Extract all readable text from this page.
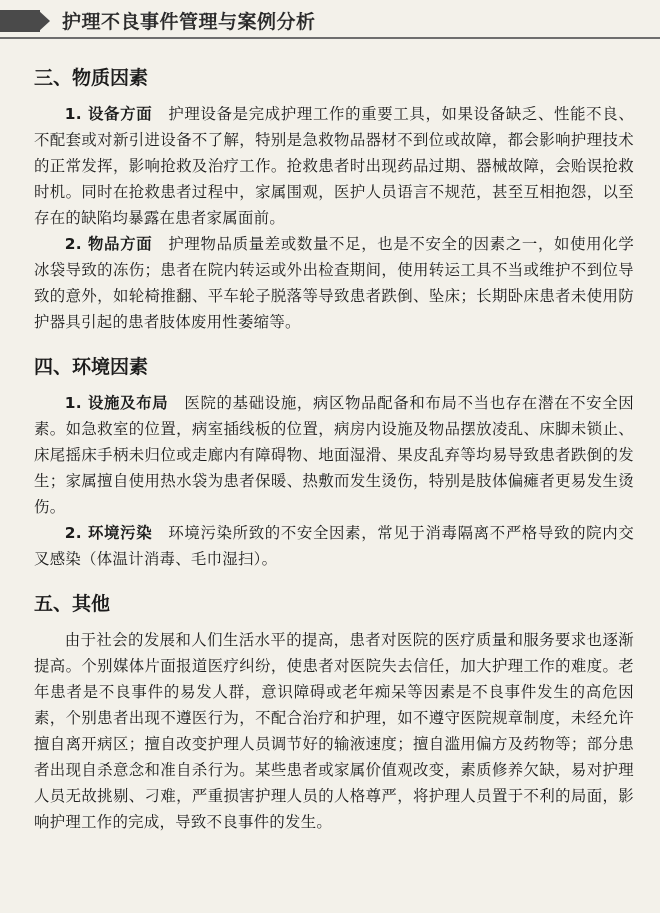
护理不良事件管理与案例分析
三、物质因素

1. 设备方面　 护理设备是完成护理工作的重要工具，如果设备缺乏、性能不良、不配套或对新引进设备不了解，特别是急救物品器材不到位或故障，都会影响护理技术的正常发挥，影响抢救及治疗工作。抢救患者时出现药品过期、器械故障，会贻误抢救时机。同时在抢救患者过程中，家属围观，医护人员语言不规范，甚至互相抱怨，以至存在的缺陷均暴露在患者家属面前。

2. 物品方面　 护理物品质量差或数量不足，也是不安全的因素之一，如使用化学冰袋导致的冻伤；患者在院内转运或外出检查期间，使用转运工具不当或维护不到位导致的意外，如轮椅推翻、平车轮子脱落等导致患者跌倒、坠床；长期卧床患者未使用防护器具引起的患者肢体废用性萎缩等。

四、环境因素

1. 设施及布局　 医院的基础设施，病区物品配备和布局不当也存在潜在不安全因素。如急救室的位置，病室插线板的位置，病房内设施及物品摆放凌乱、床脚未锁止、床尾摇床手柄未归位或走廊内有障碍物、地面湿滑、果皮乱弃等均易导致患者跌倒的发生；家属擅自使用热水袋为患者保暖、热敷而发生烫伤，特别是肢体偏瘫者更易发生烫伤。

2. 环境污染　 环境污染所致的不安全因素，常见于消毒隔离不严格导致的院内交叉感染（体温计消毒、毛巾湿扫）。

五、其他

由于社会的发展和人们生活水平的提高，患者对医院的医疗质量和服务要求也逐渐提高。个别媒体片面报道医疗纠纷，使患者对医院失去信任，加大护理工作的难度。老年患者是不良事件的易发人群，意识障碍或老年痴呆等因素是不良事件发生的高危因素，个别患者出现不遵医行为，不配合治疗和护理，如不遵守医院规章制度，未经允许擅自离开病区；擅自改变护理人员调节好的输液速度；擅自滥用偏方及药物等；部分患者出现自杀意念和准自杀行为。某些患者或家属价值观改变，素质修养欠缺，易对护理人员无故挑剔、刁难，严重损害护理人员的人格尊严，将护理人员置于不利的局面，影响护理工作的完成，导致不良事件的发生。
